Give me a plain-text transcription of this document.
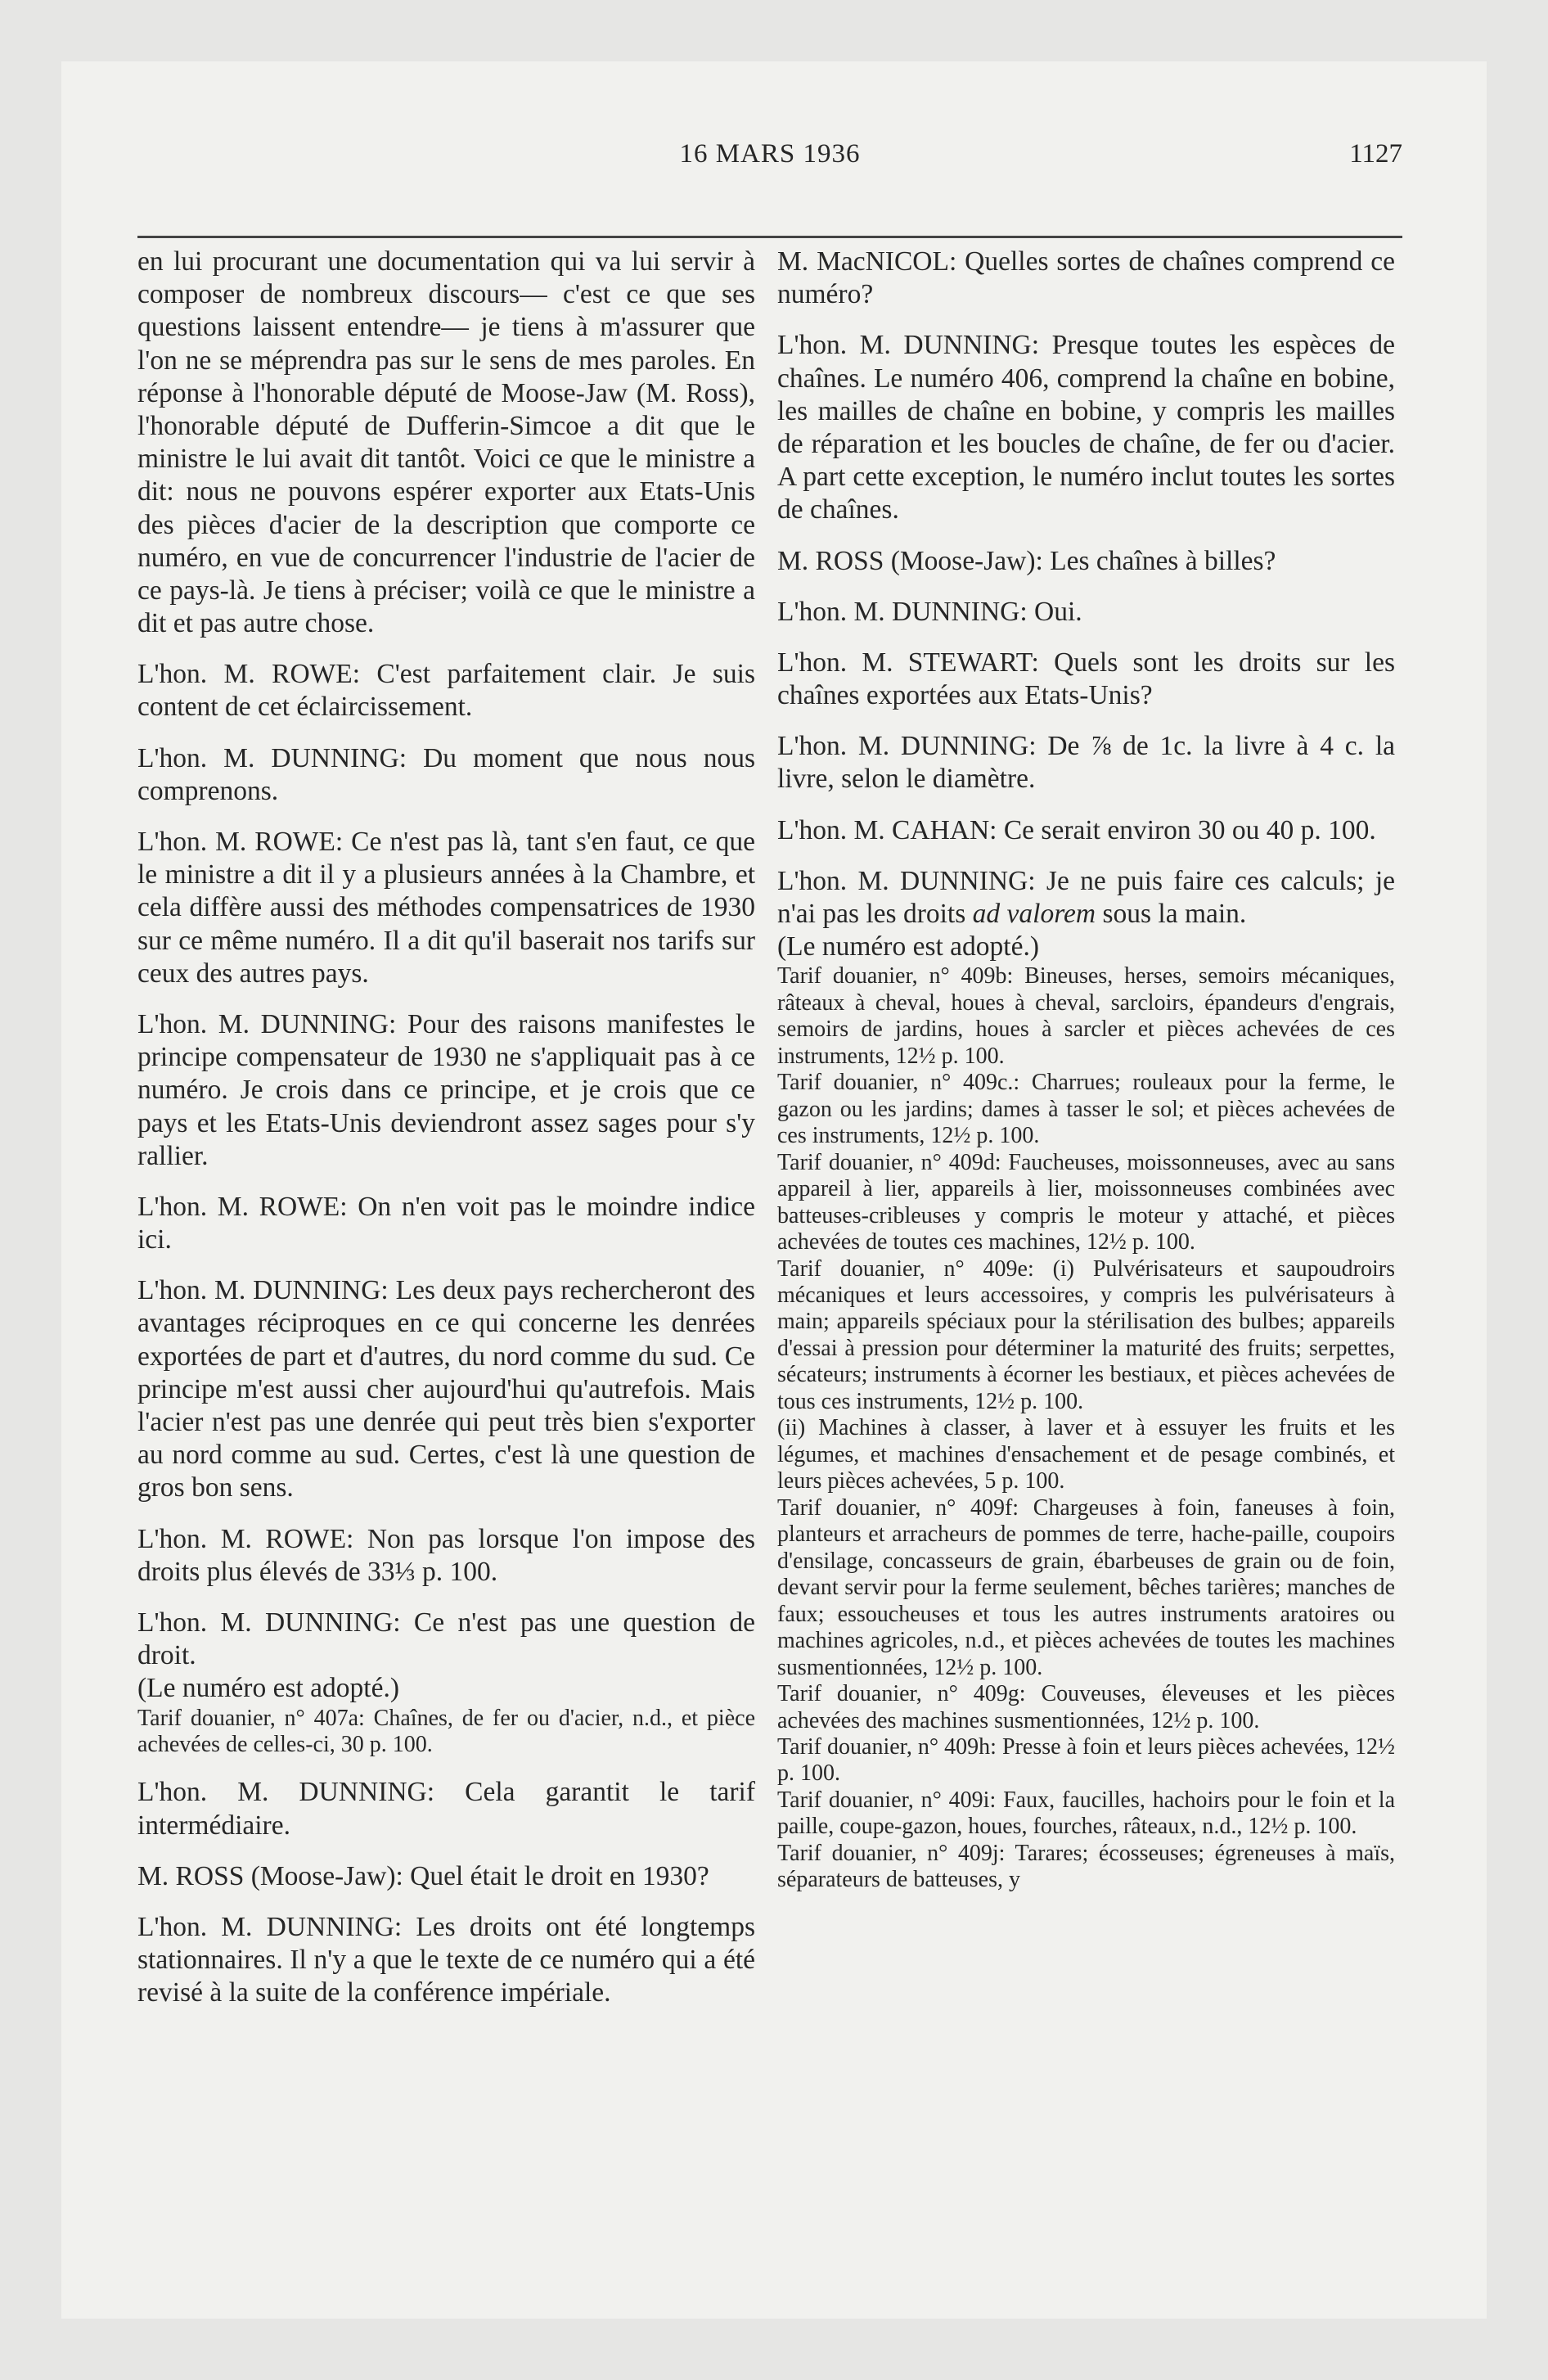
16 MARS 1936	1127

en lui procurant une documentation qui va lui servir à composer de nombreux discours— c'est ce que ses questions laissent entendre— je tiens à m'assurer que l'on ne se méprendra pas sur le sens de mes paroles. En réponse à l'honorable député de Moose-Jaw (M. Ross), l'honorable député de Dufferin-Simcoe a dit que le ministre le lui avait dit tantôt. Voici ce que le ministre a dit: nous ne pouvons espérer exporter aux Etats-Unis des pièces d'acier de la description que comporte ce numéro, en vue de concurrencer l'industrie de l'acier de ce pays-là. Je tiens à préciser; voilà ce que le ministre a dit et pas autre chose.

L'hon. M. ROWE: C'est parfaitement clair. Je suis content de cet éclaircissement.

L'hon. M. DUNNING: Du moment que nous nous comprenons.

L'hon. M. ROWE: Ce n'est pas là, tant s'en faut, ce que le ministre a dit il y a plusieurs années à la Chambre, et cela diffère aussi des méthodes compensatrices de 1930 sur ce même numéro. Il a dit qu'il baserait nos tarifs sur ceux des autres pays.

L'hon. M. DUNNING: Pour des raisons manifestes le principe compensateur de 1930 ne s'appliquait pas à ce numéro. Je crois dans ce principe, et je crois que ce pays et les Etats-Unis deviendront assez sages pour s'y rallier.

L'hon. M. ROWE: On n'en voit pas le moindre indice ici.

L'hon. M. DUNNING: Les deux pays rechercheront des avantages réciproques en ce qui concerne les denrées exportées de part et d'autres, du nord comme du sud. Ce principe m'est aussi cher aujourd'hui qu'autrefois. Mais l'acier n'est pas une denrée qui peut très bien s'exporter au nord comme au sud. Certes, c'est là une question de gros bon sens.

L'hon. M. ROWE: Non pas lorsque l'on impose des droits plus élevés de 33⅓ p. 100.

L'hon. M. DUNNING: Ce n'est pas une question de droit.

(Le numéro est adopté.)

Tarif douanier, n° 407a: Chaînes, de fer ou d'acier, n.d., et pièce achevées de celles-ci, 30 p. 100.

L'hon. M. DUNNING: Cela garantit le tarif intermédiaire.

M. ROSS (Moose-Jaw): Quel était le droit en 1930?

L'hon. M. DUNNING: Les droits ont été longtemps stationnaires. Il n'y a que le texte de ce numéro qui a été revisé à la suite de la conférence impériale.

M. MacNICOL: Quelles sortes de chaînes comprend ce numéro?

L'hon. M. DUNNING: Presque toutes les espèces de chaînes. Le numéro 406, comprend la chaîne en bobine, les mailles de chaîne en bobine, y compris les mailles de réparation et les boucles de chaîne, de fer ou d'acier. A part cette exception, le numéro inclut toutes les sortes de chaînes.

M. ROSS (Moose-Jaw): Les chaînes à billes?

L'hon. M. DUNNING: Oui.

L'hon. M. STEWART: Quels sont les droits sur les chaînes exportées aux Etats-Unis?

L'hon. M. DUNNING: De ⅞ de 1c. la livre à 4 c. la livre, selon le diamètre.

L'hon. M. CAHAN: Ce serait environ 30 ou 40 p. 100.

L'hon. M. DUNNING: Je ne puis faire ces calculs; je n'ai pas les droits ad valorem sous la main.

(Le numéro est adopté.)

Tarif douanier, n° 409b: Bineuses, herses, semoirs mécaniques, râteaux à cheval, houes à cheval, sarcloirs, épandeurs d'engrais, semoirs de jardins, houes à sarcler et pièces achevées de ces instruments, 12½ p. 100.

Tarif douanier, n° 409c.: Charrues; rouleaux pour la ferme, le gazon ou les jardins; dames à tasser le sol; et pièces achevées de ces instruments, 12½ p. 100.

Tarif douanier, n° 409d: Faucheuses, moissonneuses, avec au sans appareil à lier, appareils à lier, moissonneuses combinées avec batteuses-cribleuses y compris le moteur y attaché, et pièces achevées de toutes ces machines, 12½ p. 100.

Tarif douanier, n° 409e: (i) Pulvérisateurs et saupoudroirs mécaniques et leurs accessoires, y compris les pulvérisateurs à main; appareils spéciaux pour la stérilisation des bulbes; appareils d'essai à pression pour déterminer la maturité des fruits; serpettes, sécateurs; instruments à écorner les bestiaux, et pièces achevées de tous ces instruments, 12½ p. 100.

(ii) Machines à classer, à laver et à essuyer les fruits et les légumes, et machines d'ensachement et de pesage combinés, et leurs pièces achevées, 5 p. 100.

Tarif douanier, n° 409f: Chargeuses à foin, faneuses à foin, planteurs et arracheurs de pommes de terre, hache-paille, coupoirs d'ensilage, concasseurs de grain, ébarbeuses de grain ou de foin, devant servir pour la ferme seulement, bêches tarières; manches de faux; essoucheuses et tous les autres instruments aratoires ou machines agricoles, n.d., et pièces achevées de toutes les machines susmentionnées, 12½ p. 100.

Tarif douanier, n° 409g: Couveuses, éleveuses et les pièces achevées des machines susmentionnées, 12½ p. 100.

Tarif douanier, n° 409h: Presse à foin et leurs pièces achevées, 12½ p. 100.

Tarif douanier, n° 409i: Faux, faucilles, hachoirs pour le foin et la paille, coupe-gazon, houes, fourches, râteaux, n.d., 12½ p. 100.

Tarif douanier, n° 409j: Tarares; écosseuses; égreneuses à maïs, séparateurs de batteuses, y
